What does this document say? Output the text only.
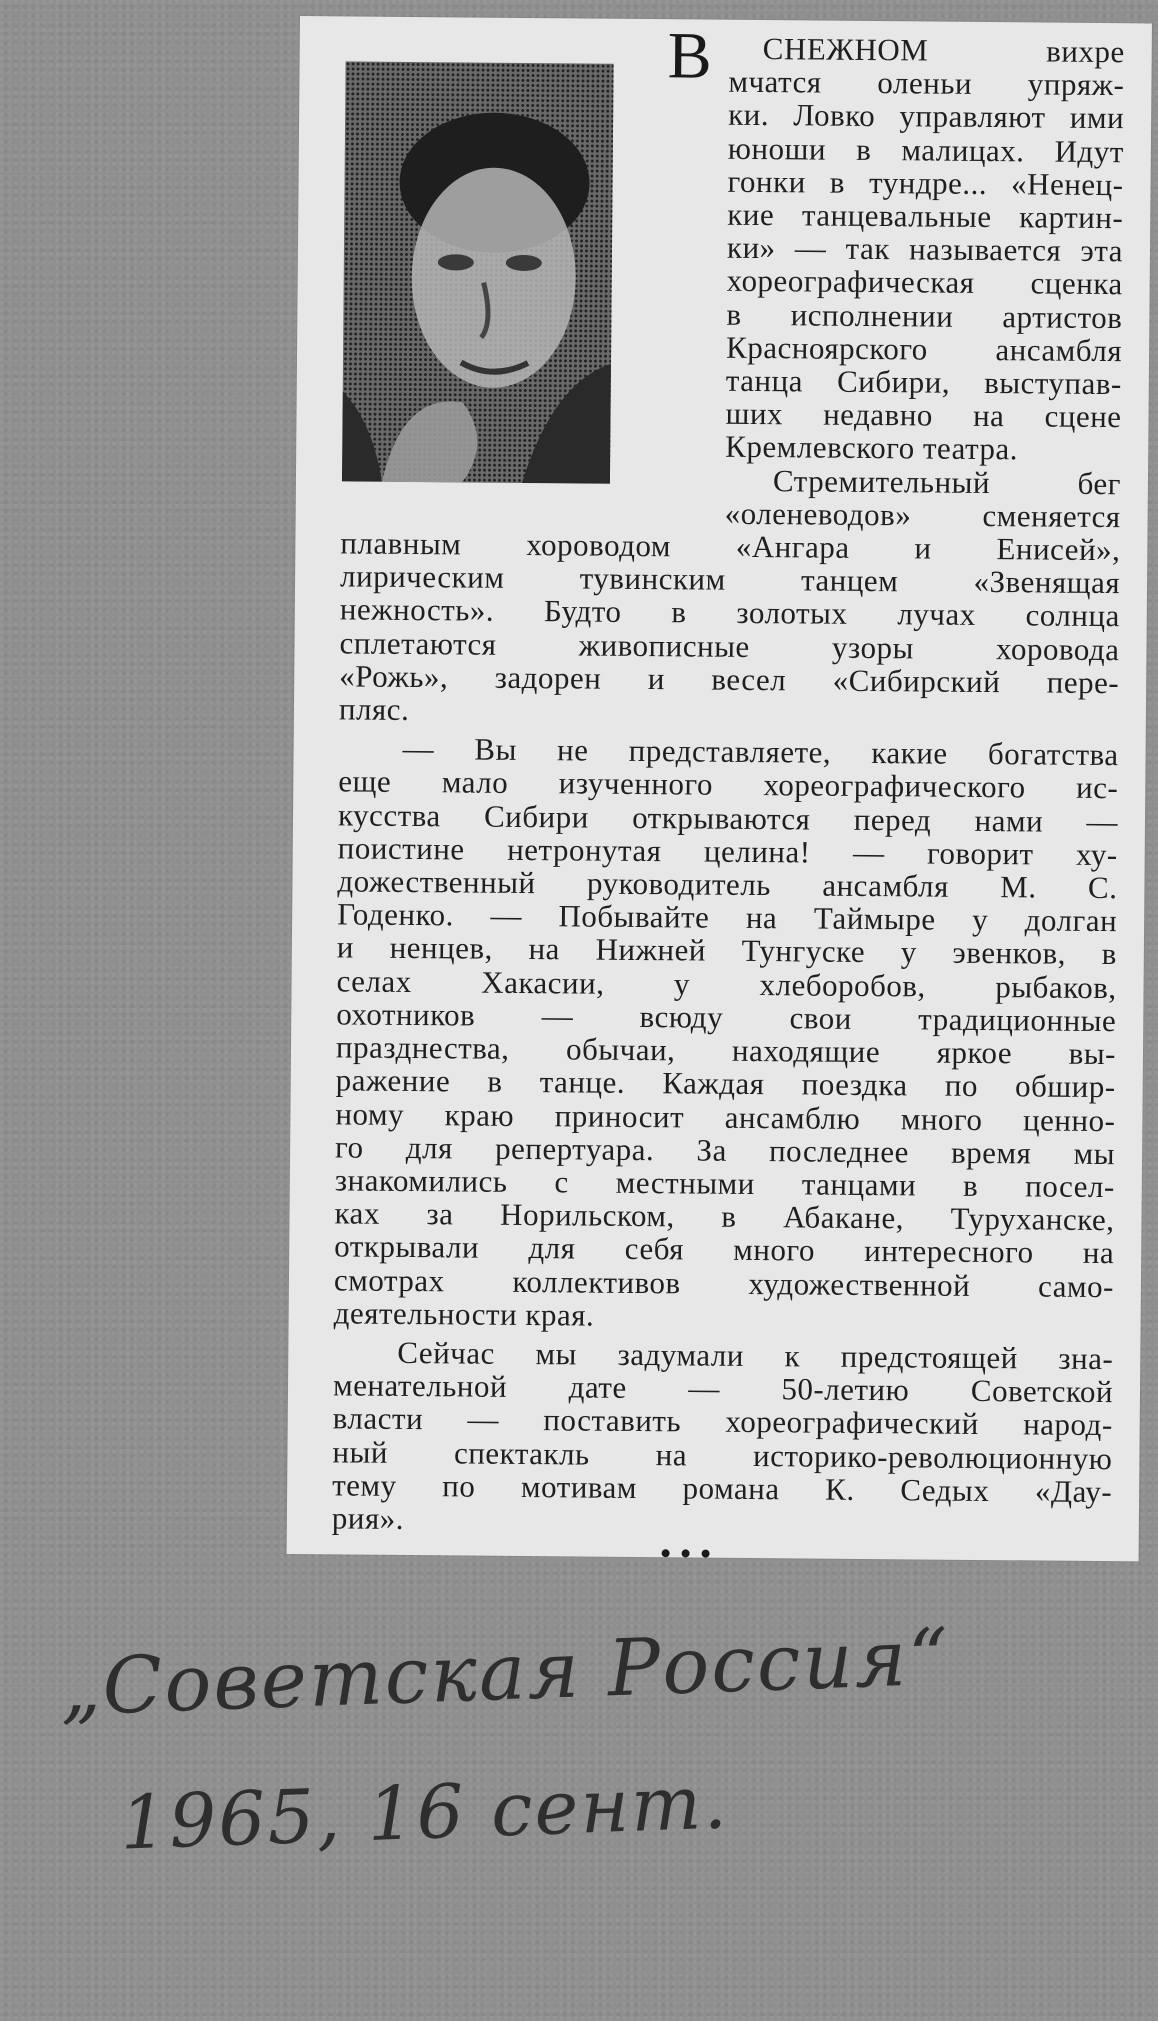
В СНЕЖНОМ вихре
мчатся оленьи упряж-
ки. Ловко управляют ими
юноши в малицах. Идут
гонки в тундре... «Ненец-
кие танцевальные картин-
ки» — так называется эта
хореографическая сценка
в исполнении артистов
Красноярского ансамбля
танца Сибири, выступав-
ших недавно на сцене
Кремлевского театра.
Стремительный бег
«оленеводов» сменяется
плавным хороводом «Ангара и Енисей»,
лирическим тувинским танцем «Звенящая
нежность». Будто в золотых лучах солнца
сплетаются живописные узоры хоровода
«Рожь», задорен и весел «Сибирский пере-
пляс.
— Вы не представляете, какие богатства
еще мало изученного хореографического ис-
кусства Сибири открываются перед нами —
поистине нетронутая целина! — говорит ху-
дожественный руководитель ансамбля М. С.
Годенко. — Побывайте на Таймыре у долган
и ненцев, на Нижней Тунгуске у эвенков, в
селах Хакасии, у хлеборобов, рыбаков,
охотников — всюду свои традиционные
празднества, обычаи, находящие яркое вы-
ражение в танце. Каждая поездка по обшир-
ному краю приносит ансамблю много ценно-
го для репертуара. За последнее время мы
знакомились с местными танцами в посел-
ках за Норильском, в Абакане, Туруханске,
открывали для себя много интересного на
смотрах коллективов художественной само-
деятельности края.
Сейчас мы задумали к предстоящей зна-
менательной дате — 50-летию Советской
власти — поставить хореографический народ-
ный спектакль на историко-революционную
тему по мотивам романа К. Седых «Дау-
рия».
„Советская Россия“
1965, 16 сент.
